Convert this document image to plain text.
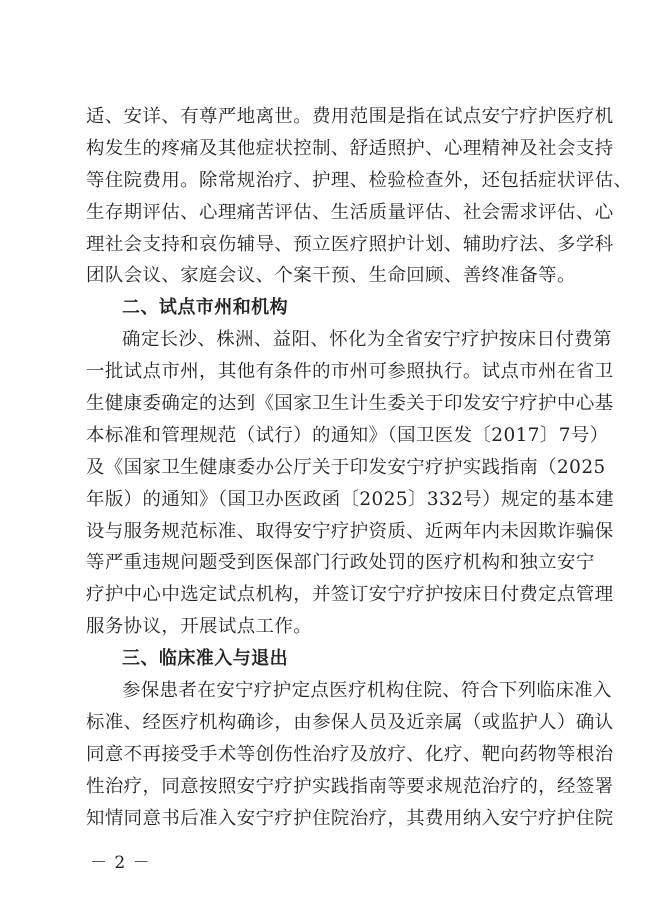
适、安详、有尊严地离世。费用范围是指在试点安宁疗护医疗机
构发生的疼痛及其他症状控制、舒适照护、心理精神及社会支持
等住院费用。除常规治疗、护理、检验检查外，还包括症状评估、
生存期评估、心理痛苦评估、生活质量评估、社会需求评估、心
理社会支持和哀伤辅导、预立医疗照护计划、辅助疗法、多学科
团队会议、家庭会议、个案干预、生命回顾、善终准备等。
二、试点市州和机构
确定长沙、株洲、益阳、怀化为全省安宁疗护按床日付费第
一批试点市州，其他有条件的市州可参照执行。试点市州在省卫
生健康委确定的达到《国家卫生计生委关于印发安宁疗护中心基
本标准和管理规范（试行）的通知》（国卫医发〔2017〕7号）
及《国家卫生健康委办公厅关于印发安宁疗护实践指南（2025
年版）的通知》（国卫办医政函〔2025〕332号）规定的基本建
设与服务规范标准、取得安宁疗护资质、近两年内未因欺诈骗保
等严重违规问题受到医保部门行政处罚的医疗机构和独立安宁
疗护中心中选定试点机构，并签订安宁疗护按床日付费定点管理
服务协议，开展试点工作。
三、临床准入与退出
参保患者在安宁疗护定点医疗机构住院、符合下列临床准入
标准、经医疗机构确诊，由参保人员及近亲属（或监护人）确认
同意不再接受手术等创伤性治疗及放疗、化疗、靶向药物等根治
性治疗，同意按照安宁疗护实践指南等要求规范治疗的，经签署
知情同意书后准入安宁疗护住院治疗，其费用纳入安宁疗护住院
－ 2 －
